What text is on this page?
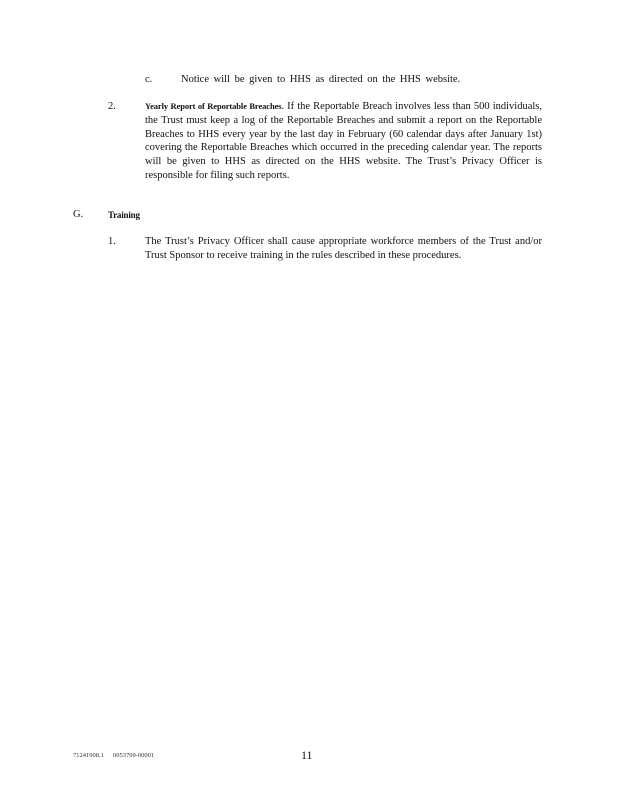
c.	Notice will be given to HHS as directed on the HHS website.
2.	Yearly Report of Reportable Breaches. If the Reportable Breach involves less than 500 individuals, the Trust must keep a log of the Reportable Breaches and submit a report on the Reportable Breaches to HHS every year by the last day in February (60 calendar days after January 1st) covering the Reportable Breaches which occurred in the preceding calendar year. The reports will be given to HHS as directed on the HHS website. The Trust’s Privacy Officer is responsible for filing such reports.
G.	Training
1.	The Trust’s Privacy Officer shall cause appropriate workforce members of the Trust and/or Trust Sponsor to receive training in the rules described in these procedures.
71241908.1 0053709-00001	11
